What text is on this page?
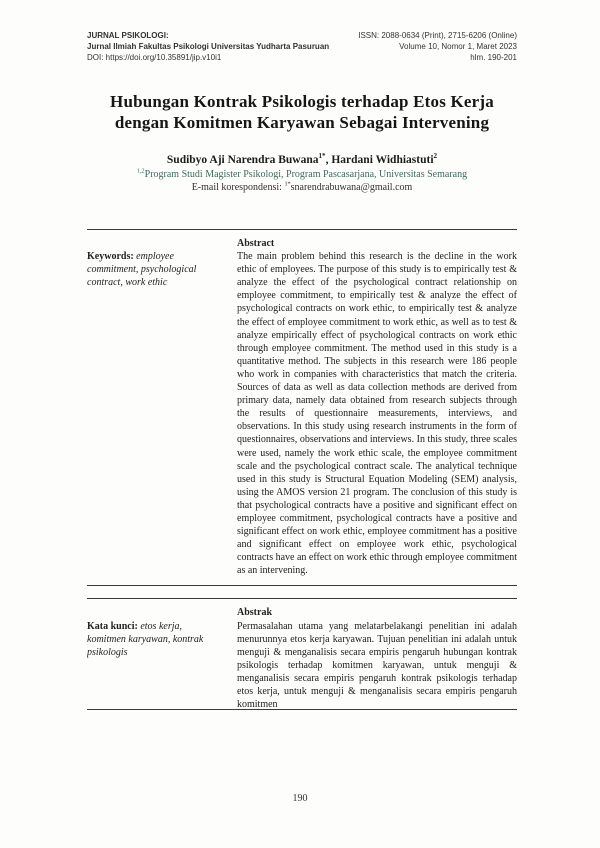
JURNAL PSIKOLOGI:
Jurnal Ilmiah Fakultas Psikologi Universitas Yudharta Pasuruan
DOI: https://doi.org/10.35891/jip.v10i1
ISSN: 2088-0634 (Print), 2715-6206 (Online)
Volume 10, Nomor 1, Maret 2023
hlm. 190-201
Hubungan Kontrak Psikologis terhadap Etos Kerja
dengan Komitmen Karyawan Sebagai Intervening
Sudibyo Aji Narendra Buwana$^{1*}$, Hardani Widhiastuti$^2$
$^{1,2}$Program Studi Magister Psikologi, Program Pascasarjana, Universitas Semarang
E-mail korespondensi: $^{1*}$snarendrabuwana@gmail.com
Keywords: employee commitment, psychological contract, work ethic
Abstract
The main problem behind this research is the decline in the work ethic of employees. The purpose of this study is to empirically test & analyze the effect of the psychological contract relationship on employee commitment, to empirically test & analyze the effect of psychological contracts on work ethic, to empirically test & analyze the effect of employee commitment to work ethic, as well as to test & analyze empirically effect of psychological contracts on work ethic through employee commitment. The method used in this study is a quantitative method. The subjects in this research were 186 people who work in companies with characteristics that match the criteria. Sources of data as well as data collection methods are derived from primary data, namely data obtained from research subjects through the results of questionnaire measurements, interviews, and observations. In this study using research instruments in the form of questionnaires, observations and interviews. In this study, three scales were used, namely the work ethic scale, the employee commitment scale and the psychological contract scale. The analytical technique used in this study is Structural Equation Modeling (SEM) analysis, using the AMOS version 21 program. The conclusion of this study is that psychological contracts have a positive and significant effect on employee commitment, psychological contracts have a positive and significant effect on work ethic, employee commitment has a positive and significant effect on employee work ethic, psychological contracts have an effect on work ethic through employee commitment as an intervening.
Kata kunci: etos kerja, komitmen karyawan, kontrak psikologis
Abstrak
Permasalahan utama yang melatarbelakangi penelitian ini adalah menurunnya etos kerja karyawan. Tujuan penelitian ini adalah untuk menguji & menganalisis secara empiris pengaruh hubungan kontrak psikologis terhadap komitmen karyawan, untuk menguji & menganalisis secara empiris pengaruh kontrak psikologis terhadap etos kerja, untuk menguji & menganalisis secara empiris pengaruh komitmen
190
